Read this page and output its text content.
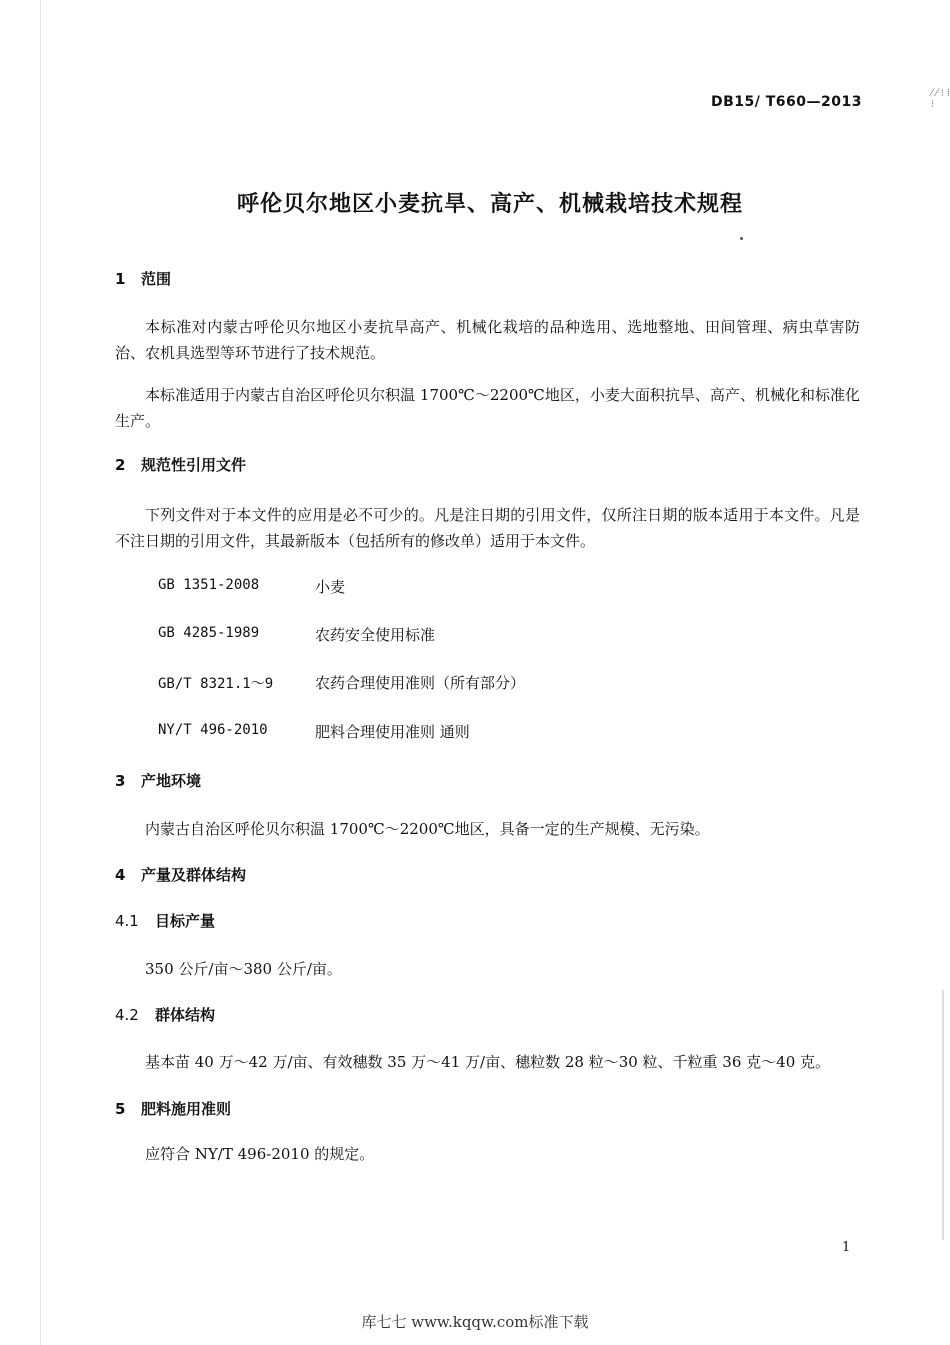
⁄ ⁄ ⁝ ⁞ ⁝
DB15/ T660—2013
呼伦贝尔地区小麦抗旱、高产、机械栽培技术规程
1 范围
本标准对内蒙古呼伦贝尔地区小麦抗旱高产、机械化栽培的品种选用、选地整地、田间管理、病虫草害防治、农机具选型等环节进行了技术规范。
本标准适用于内蒙古自治区呼伦贝尔积温 1700℃～2200℃地区，小麦大面积抗旱、高产、机械化和标准化生产。
2 规范性引用文件
下列文件对于本文件的应用是必不可少的。凡是注日期的引用文件，仅所注日期的版本适用于本文件。凡是不注日期的引用文件，其最新版本（包括所有的修改单）适用于本文件。
GB 1351-2008	小麦
GB 4285-1989	农药安全使用标准
GB/T 8321.1～9	农药合理使用准则（所有部分）
NY/T 496-2010	肥料合理使用准则 通则
3 产地环境
内蒙古自治区呼伦贝尔积温 1700℃～2200℃地区，具备一定的生产规模、无污染。
4 产量及群体结构
4.1 目标产量
350 公斤/亩～380 公斤/亩。
4.2 群体结构
基本苗 40 万～42 万/亩、有效穗数 35 万～41 万/亩、穗粒数 28 粒～30 粒、千粒重 36 克～40 克。
5 肥料施用准则
应符合 NY/T 496-2010 的规定。
1
库七七 www.kqqw.com标准下载
